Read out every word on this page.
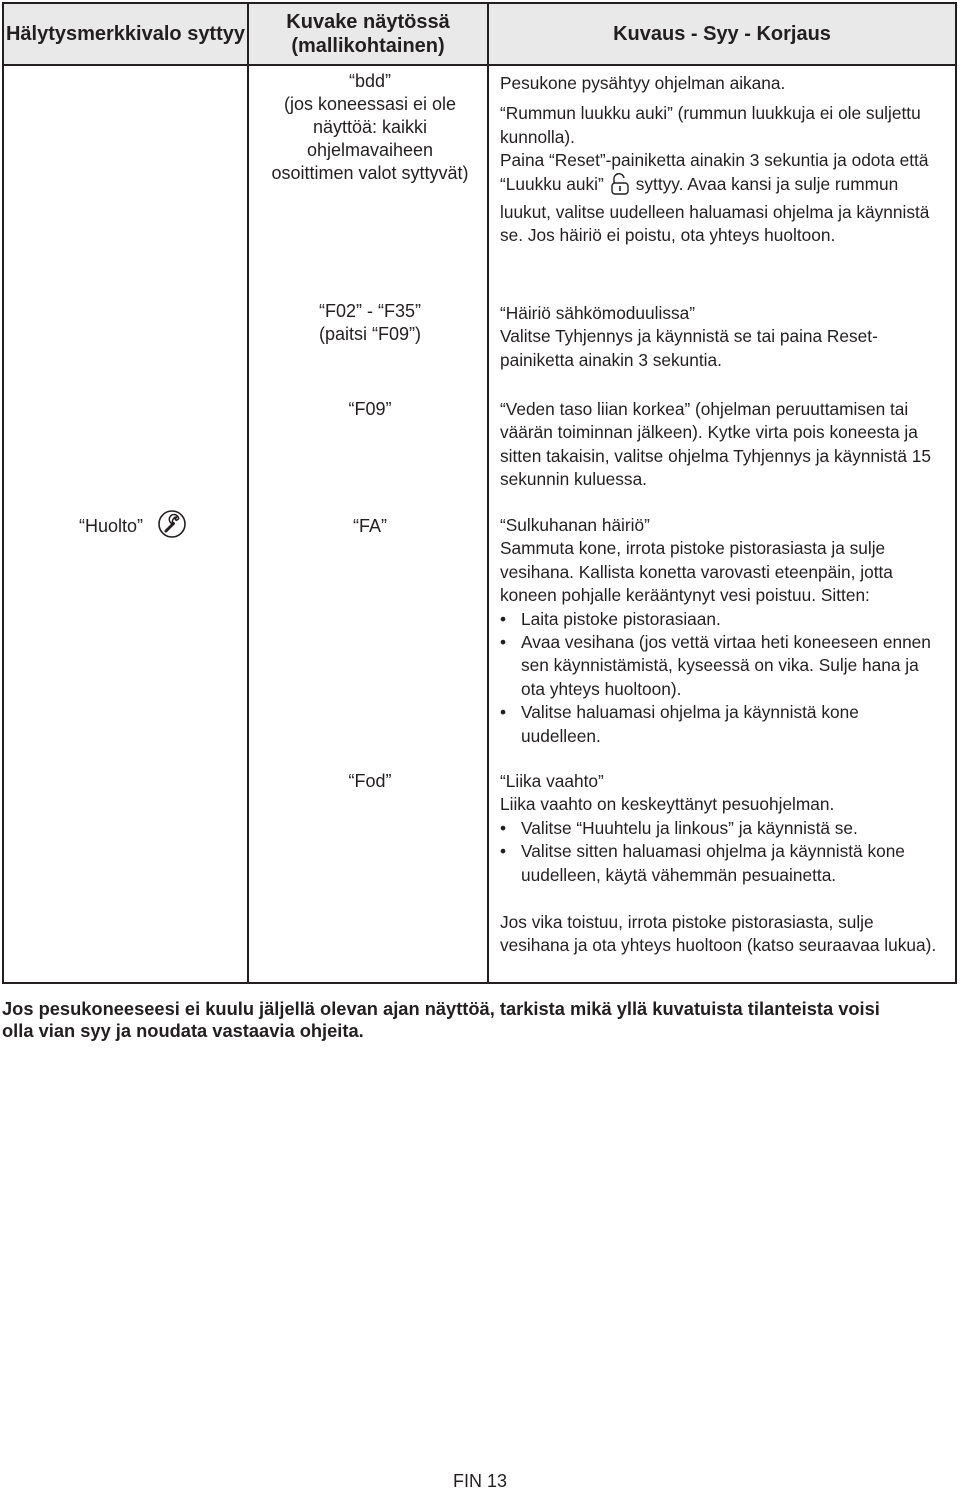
Hälytysmerkkivalo syttyy
Kuvake näytössä (mallikohtainen)
Kuvaus - Syy - Korjaus
“Huolto”
“bdd”
(jos koneessasi ei ole näyttöä: kaikki ohjelmavaiheen osoittimen valot syttyvät)
“F02” - “F35”
(paitsi “F09”)
“F09”
“FA”
“Fod”

Pesukone pysähtyy ohjelman aikana.

“Rummun luukku auki” (rummun luukkuja ei ole suljettu kunnolla).

Paina “Reset”-painiketta ainakin 3 sekuntia ja odota että “Luukku auki” syttyy. Avaa kansi ja sulje rummun luukut, valitse uudelleen haluamasi ohjelma ja käynnistä se. Jos häiriö ei poistu, ota yhteys huoltoon.

“Häiriö sähkömoduulissa”

Valitse Tyhjennys ja käynnistä se tai paina Reset-painiketta ainakin 3 sekuntia.

“Veden taso liian korkea” (ohjelman peruuttamisen tai väärän toiminnan jälkeen). Kytke virta pois koneesta ja sitten takaisin, valitse ohjelma Tyhjennys ja käynnistä 15 sekunnin kuluessa.

“Sulkuhanan häiriö”

Sammuta kone, irrota pistoke pistorasiasta ja sulje vesihana. Kallista konetta varovasti eteenpäin, jotta koneen pohjalle kerääntynyt vesi poistuu. Sitten:

• Laita pistoke pistorasiaan.
• Avaa vesihana (jos vettä virtaa heti koneeseen ennen sen käynnistämistä, kyseessä on vika. Sulje hana ja ota yhteys huoltoon).
• Valitse haluamasi ohjelma ja käynnistä kone uudelleen.

“Liika vaahto”

Liika vaahto on keskeyttänyt pesuohjelman.

• Valitse “Huuhtelu ja linkous” ja käynnistä se.
• Valitse sitten haluamasi ohjelma ja käynnistä kone uudelleen, käytä vähemmän pesuainetta.

Jos vika toistuu, irrota pistoke pistorasiasta, sulje vesihana ja ota yhteys huoltoon (katso seuraavaa lukua).

Jos pesukoneeseesi ei kuulu jäljellä olevan ajan näyttöä, tarkista mikä yllä kuvatuista tilanteista voisi olla vian syy ja noudata vastaavia ohjeita.
FIN 13
